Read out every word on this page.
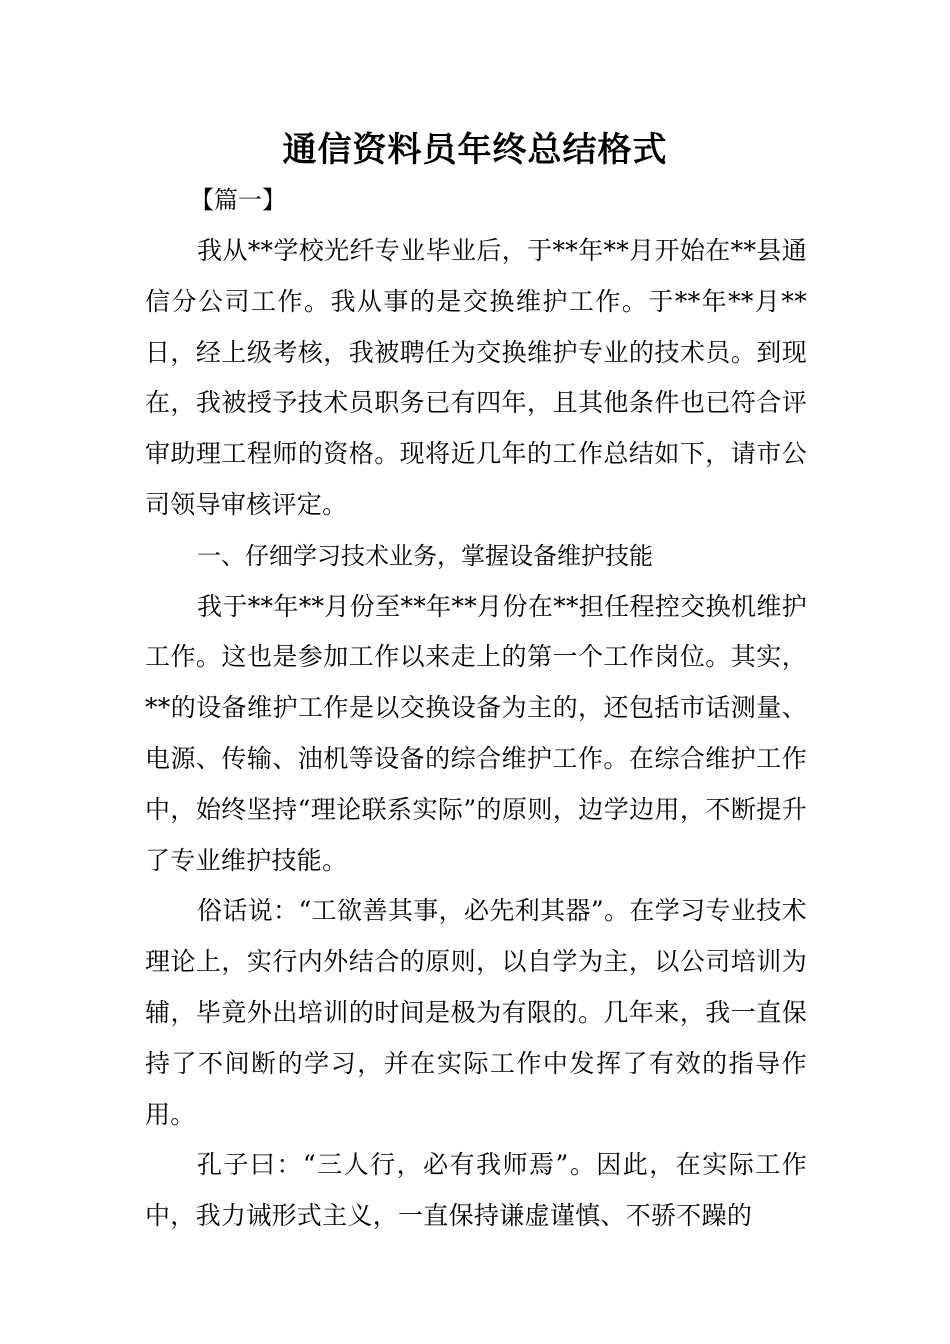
通信资料员年终总结格式
【篇一】

我从**学校光纤专业毕业后，于**年**月开始在**县通信分公司工作。我从事的是交换维护工作。于**年**月**日，经上级考核，我被聘任为交换维护专业的技术员。到现在，我被授予技术员职务已有四年，且其他条件也已符合评审助理工程师的资格。现将近几年的工作总结如下，请市公司领导审核评定。

一、仔细学习技术业务，掌握设备维护技能

我于**年**月份至**年**月份在**担任程控交换机维护工作。这也是参加工作以来走上的第一个工作岗位。其实，**的设备维护工作是以交换设备为主的，还包括市话测量、电源、传输、油机等设备的综合维护工作。在综合维护工作中，始终坚持“理论联系实际”的原则，边学边用，不断提升了专业维护技能。

俗话说：“工欲善其事，必先利其器”。在学习专业技术理论上，实行内外结合的原则，以自学为主，以公司培训为辅，毕竟外出培训的时间是极为有限的。几年来，我一直保持了不间断的学习，并在实际工作中发挥了有效的指导作用。

孔子曰：“三人行，必有我师焉”。因此，在实际工作中，我力诫形式主义，一直保持谦虚谨慎、不骄不躁的
